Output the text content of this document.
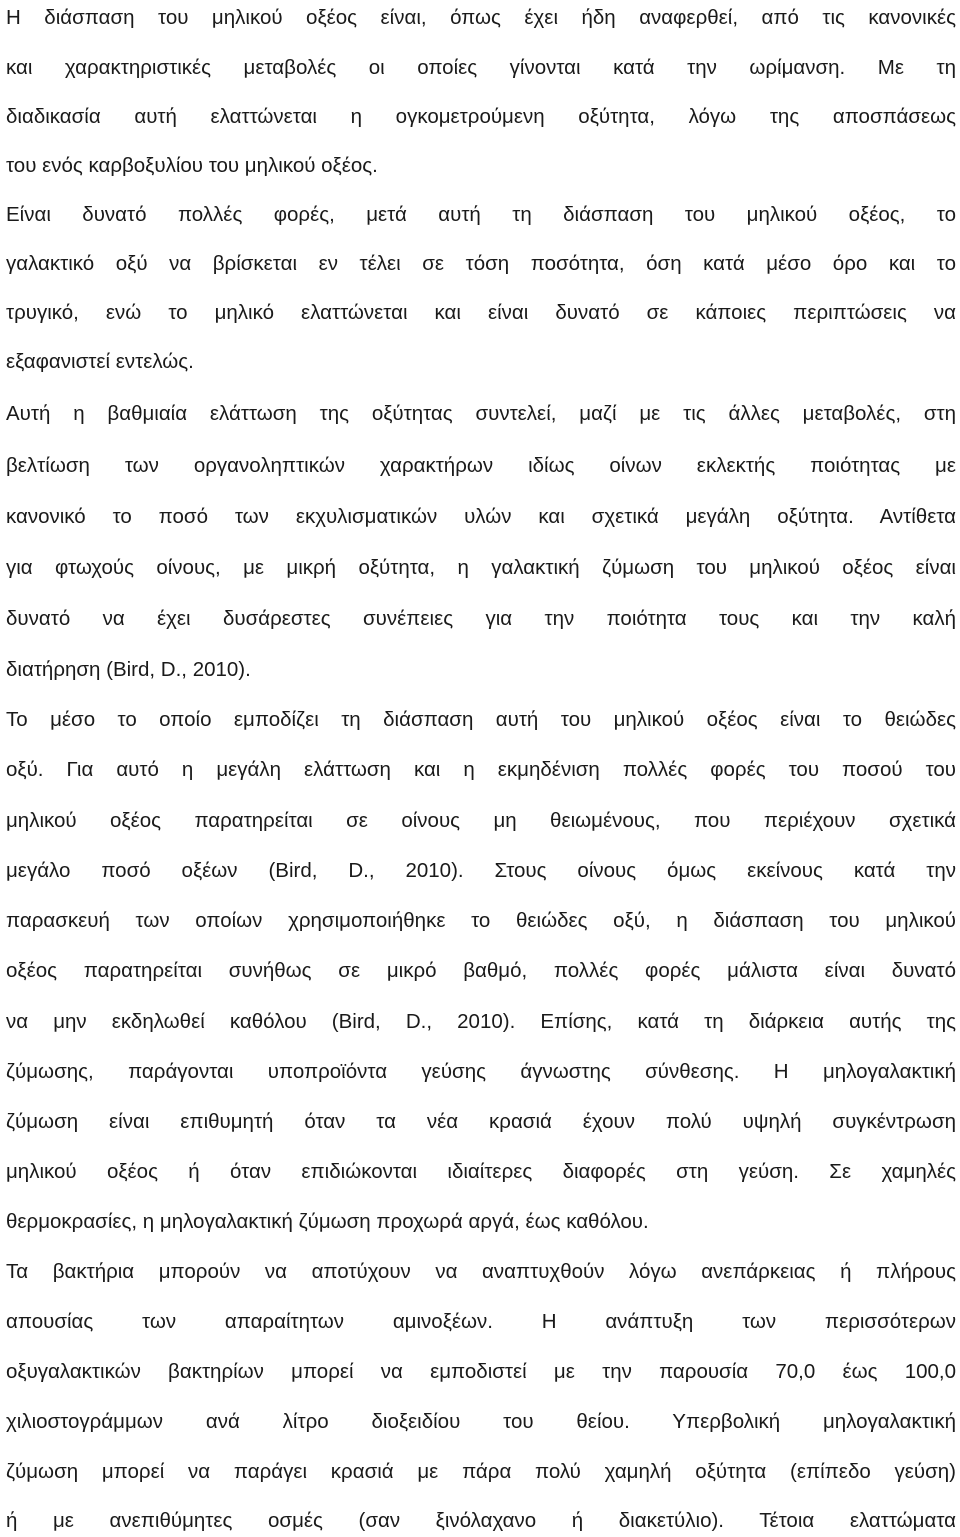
Η διάσπαση του μηλικού οξέος είναι, όπως έχει ήδη αναφερθεί, από τις κανονικές
και χαρακτηριστικές μεταβολές οι οποίες γίνονται κατά την ωρίμανση. Με τη
διαδικασία αυτή ελαττώνεται η ογκομετρούμενη οξύτητα, λόγω της αποσπάσεως
του ενός καρβοξυλίου του μηλικού οξέος.
Είναι δυνατό πολλές φορές, μετά αυτή τη διάσπαση του μηλικού οξέος, το
γαλακτικό οξύ να βρίσκεται εν τέλει σε τόση ποσότητα, όση κατά μέσο όρο και το
τρυγικό, ενώ το μηλικό ελαττώνεται και είναι δυνατό σε κάποιες περιπτώσεις να
εξαφανιστεί εντελώς.
Αυτή η βαθμιαία ελάττωση της οξύτητας συντελεί, μαζί με τις άλλες μεταβολές, στη
βελτίωση των οργανοληπτικών χαρακτήρων ιδίως οίνων εκλεκτής ποιότητας με
κανονικό το ποσό των εκχυλισματικών υλών και σχετικά μεγάλη οξύτητα. Αντίθετα
για φτωχούς οίνους, με μικρή οξύτητα, η γαλακτική ζύμωση του μηλικού οξέος είναι
δυνατό να έχει δυσάρεστες συνέπειες για την ποιότητα τους και την καλή
διατήρηση (Bird, D., 2010).
Το μέσο το οποίο εμποδίζει τη διάσπαση αυτή του μηλικού οξέος είναι το θειώδες
οξύ. Για αυτό η μεγάλη ελάττωση και η εκμηδένιση πολλές φορές του ποσού του
μηλικού οξέος παρατηρείται σε οίνους μη θειωμένους, που περιέχουν σχετικά
μεγάλο ποσό οξέων (Bird, D., 2010). Στους οίνους όμως εκείνους κατά την
παρασκευή των οποίων χρησιμοποιήθηκε το θειώδες οξύ, η διάσπαση του μηλικού
οξέος παρατηρείται συνήθως σε μικρό βαθμό, πολλές φορές μάλιστα είναι δυνατό
να μην εκδηλωθεί καθόλου (Bird, D., 2010). Επίσης, κατά τη διάρκεια αυτής της
ζύμωσης, παράγονται υποπροϊόντα γεύσης άγνωστης σύνθεσης. Η μηλογαλακτική
ζύμωση είναι επιθυμητή όταν τα νέα κρασιά έχουν πολύ υψηλή συγκέντρωση
μηλικού οξέος ή όταν επιδιώκονται ιδιαίτερες διαφορές στη γεύση. Σε χαμηλές
θερμοκρασίες, η μηλογαλακτική ζύμωση προχωρά αργά, έως καθόλου.
Τα βακτήρια μπορούν να αποτύχουν να αναπτυχθούν λόγω ανεπάρκειας ή πλήρους
απουσίας των απαραίτητων αμινοξέων. Η ανάπτυξη των περισσότερων
οξυγαλακτικών βακτηρίων μπορεί να εμποδιστεί με την παρουσία 70,0 έως 100,0
χιλιοστογράμμων ανά λίτρο διοξειδίου του θείου. Υπερβολική μηλογαλακτική
ζύμωση μπορεί να παράγει κρασιά με πάρα πολύ χαμηλή οξύτητα (επίπεδο γεύση)
ή με ανεπιθύμητες οσμές (σαν ξινόλαχανο ή διακετύλιο). Τέτοια ελαττώματα
